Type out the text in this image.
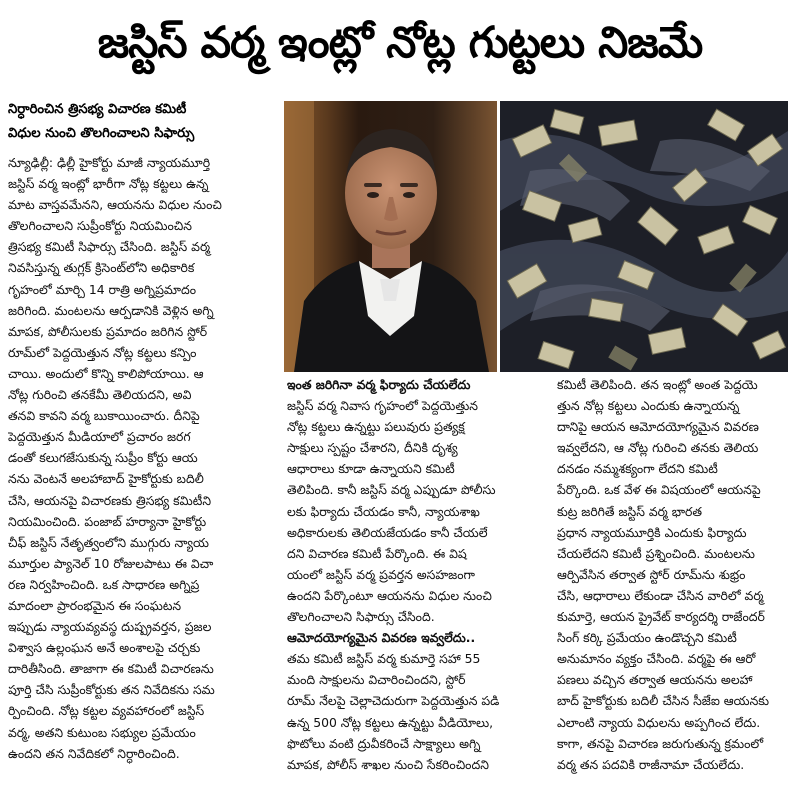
జస్టిస్ వర్మ ఇంట్లో నోట్ల గుట్టలు నిజమే
నిర్ధారించిన త్రిసభ్య విచారణ కమిటీ
విధుల నుంచి తొలగించాలని సిఫార్సు
న్యూఢిల్లీ: ఢిల్లీ హైకోర్టు మాజీ న్యాయమూర్తి
జస్టిస్ వర్మ ఇంట్లో భారీగా నోట్ల కట్టలు ఉన్న
మాట వాస్తవమేనని, ఆయనను విధుల నుంచి
తొలగించాలని సుప్రీంకోర్టు నియమించిన
త్రిసభ్య కమిటీ సిఫార్సు చేసింది. జస్టిస్ వర్మ
నివసిస్తున్న తుగ్లక్ క్రిసెంట్‌లోని అధికారిక
గృహంలో మార్చి 14 రాత్రి అగ్నిప్రమాదం
జరిగింది. మంటలను ఆర్పడానికి వెళ్లిన అగ్ని
మాపక, పోలీసులకు ప్రమాదం జరిగిన స్టోర్
రూమ్‌లో పెద్దయెత్తున నోట్ల కట్టలు కన్పిం
చాయి. అందులో కొన్ని కాలిపోయాయి. ఆ
నోట్ల గురించి తనకేమీ తెలియదని, అవి
తనవి కావని వర్మ బుకాయించారు. దీనిపై
పెద్దయెత్తున మీడియాలో ప్రచారం జరగ
డంతో కలుగజేసుకున్న సుప్రీం కోర్టు ఆయ
నను వెంటనే అలహాబాద్ హైకోర్టుకు బదిలీ
చేసి, ఆయనపై విచారణకు త్రిసభ్య కమిటీని
నియమించింది. పంజాబ్ హర్యానా హైకోర్టు
చీఫ్ జస్టిస్ నేతృత్వంలోని ముగ్గురు న్యాయ
మూర్తుల ప్యానెల్ 10 రోజులపాటు ఈ విచా
రణ నిర్వహించింది. ఒక సాధారణ అగ్నిప్ర
మాదంలా ప్రారంభమైన ఈ సంఘటన
ఇప్పుడు న్యాయవ్యవస్థ దుష్ప్రవర్తన, ప్రజల
విశ్వాస ఉల్లంఘన అనే అంశాలపై చర్చకు
దారితీసింది. తాజాగా ఈ కమిటీ విచారణను
పూర్తి చేసి సుప్రీంకోర్టుకు తన నివేదికను సమ
ర్పించింది. నోట్ల కట్టల వ్యవహారంలో జస్టిస్
వర్మ, అతని కుటుంబ సభ్యుల ప్రమేయం
ఉందని తన నివేదికలో నిర్ధారించింది.
ఇంత జరిగినా వర్మ ఫిర్యాదు చేయలేదు
జస్టిస్ వర్మ నివాస గృహంలో పెద్దయెత్తున
నోట్ల కట్టలు ఉన్నట్టు పలువురు ప్రత్యక్ష
సాక్షులు స్పష్టం చేశారని, దీనికి దృశ్య
ఆధారాలు కూడా ఉన్నాయని కమిటీ
తెలిపింది. కానీ జస్టిస్ వర్మ ఎప్పుడూ పోలీసు
లకు ఫిర్యాదు చేయడం కానీ, న్యాయశాఖ
అధికారులకు తెలియజేయడం కానీ చేయలే
దని విచారణ కమిటీ పేర్కొంది. ఈ విష
యంలో జస్టిస్ వర్మ ప్రవర్తన అసహజంగా
ఉందని పేర్కొంటూ ఆయనను విధుల నుంచి
తొలగించాలని సిఫార్సు చేసింది.
ఆమోదయోగ్యమైన వివరణ ఇవ్వలేదు..
తమ కమిటీ జస్టిస్ వర్మ కుమార్తె సహా 55
మంది సాక్షులను విచారించిందని, స్టోర్
రూమ్ నేలపై చెల్లాచెదురుగా పెద్దయెత్తున పడి
ఉన్న 500 నోట్ల కట్టలు ఉన్నట్టు వీడియోలు,
ఫొటోలు వంటి ద్రువీకరించే సాక్ష్యాలు అగ్ని
మాపక, పోలీస్ శాఖల నుంచి సేకరించిందని
కమిటీ తెలిపింది. తన ఇంట్లో అంత పెద్దయె
త్తున నోట్ల కట్టలు ఎందుకు ఉన్నాయన్న
దానిపై ఆయన ఆమోదయోగ్యమైన వివరణ
ఇవ్వలేదని, ఆ నోట్ల గురించి తనకు తెలియ
దనడం నమ్మశక్యంగా లేదని కమిటీ
పేర్కొంది. ఒక వేళ ఈ విషయంలో ఆయనపై
కుట్ర జరిగితే జస్టిస్ వర్మ భారత
ప్రధాన న్యాయమూర్తికి ఎందుకు ఫిర్యాదు
చేయలేదని కమిటీ ప్రశ్నించింది. మంటలను
ఆర్పివేసిన తర్వాత స్టోర్ రూమ్‌ను శుభ్రం
చేసి, ఆధారాలు లేకుండా చేసిన వారిలో వర్మ
కుమార్తె, ఆయన ప్రైవేట్ కార్యదర్శి రాజేందర్
సింగ్ కర్కి ప్రమేయం ఉండొచ్చని కమిటీ
అనుమానం వ్యక్తం చేసింది. వర్మపై ఈ ఆరో
పణలు వచ్చిన తర్వాత ఆయనను అలహా
బాద్ హైకోర్టుకు బదిలీ చేసిన సీజేఐ ఆయనకు
ఎలాంటి న్యాయ విధులను అప్పగించ లేదు.
కాగా, తనపై విచారణ జరుగుతున్న క్రమంలో
వర్మ తన పదవికి రాజీనామా చేయలేదు.
